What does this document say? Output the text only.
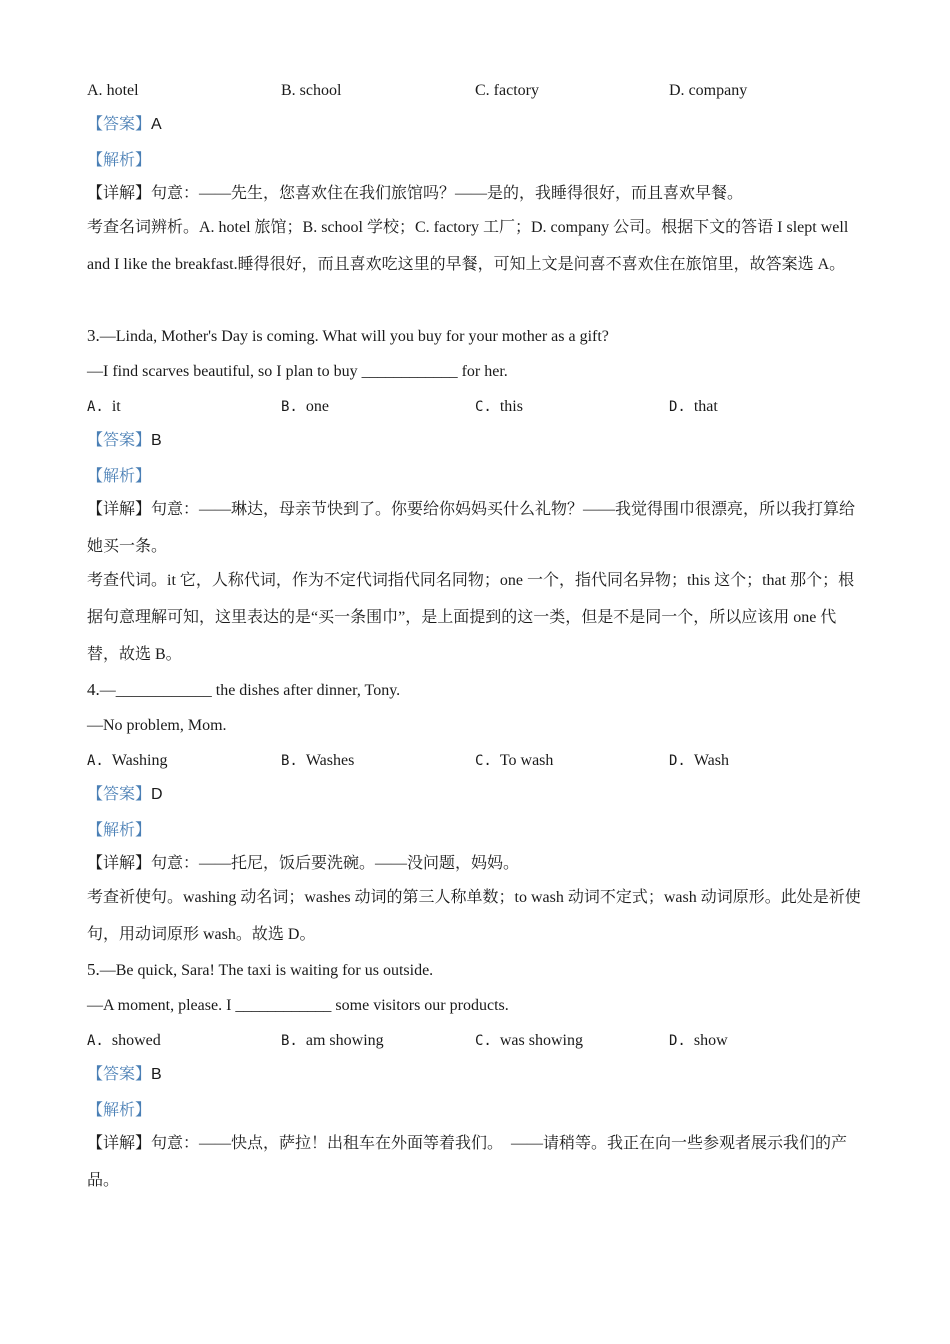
A. hotel	B. school	C. factory	D. company
【答案】A
【解析】
【详解】句意：——先生，您喜欢住在我们旅馆吗？——是的，我睡得很好，而且喜欢早餐。
考查名词辨析。A. hotel 旅馆；B. school 学校；C. factory 工厂；D. company 公司。根据下文的答语 I slept well and I like the breakfast.睡得很好，而且喜欢吃这里的早餐，可知上文是问喜不喜欢住在旅馆里，故答案选 A。
3.—Linda, Mother's Day is coming. What will you buy for your mother as a gift?
—I find scarves beautiful, so I plan to buy ____________ for her.
A. it	B. one	C. this	D. that
【答案】B
【解析】
【详解】句意：——琳达，母亲节快到了。你要给你妈妈买什么礼物？——我觉得围巾很漂亮，所以我打算给她买一条。
考查代词。it 它，人称代词，作为不定代词指代同名同物；one 一个，指代同名异物；this 这个；that 那个；根据句意理解可知，这里表达的是“买一条围巾”，是上面提到的这一类，但是不是同一个，所以应该用 one 代替，故选 B。
4.—____________ the dishes after dinner, Tony.
—No problem, Mom.
A. Washing	B. Washes	C. To wash	D. Wash
【答案】D
【解析】
【详解】句意：——托尼，饭后要洗碗。——没问题，妈妈。
考查祈使句。washing 动名词；washes 动词的第三人称单数；to wash 动词不定式；wash 动词原形。此处是祈使句，用动词原形 wash。故选 D。
5.—Be quick, Sara! The taxi is waiting for us outside.
—A moment, please. I ____________ some visitors our products.
A. showed	B. am showing	C. was showing	D. show
【答案】B
【解析】
【详解】句意：——快点，萨拉！出租车在外面等着我们。　——请稍等。我正在向一些参观者展示我们的产品。
